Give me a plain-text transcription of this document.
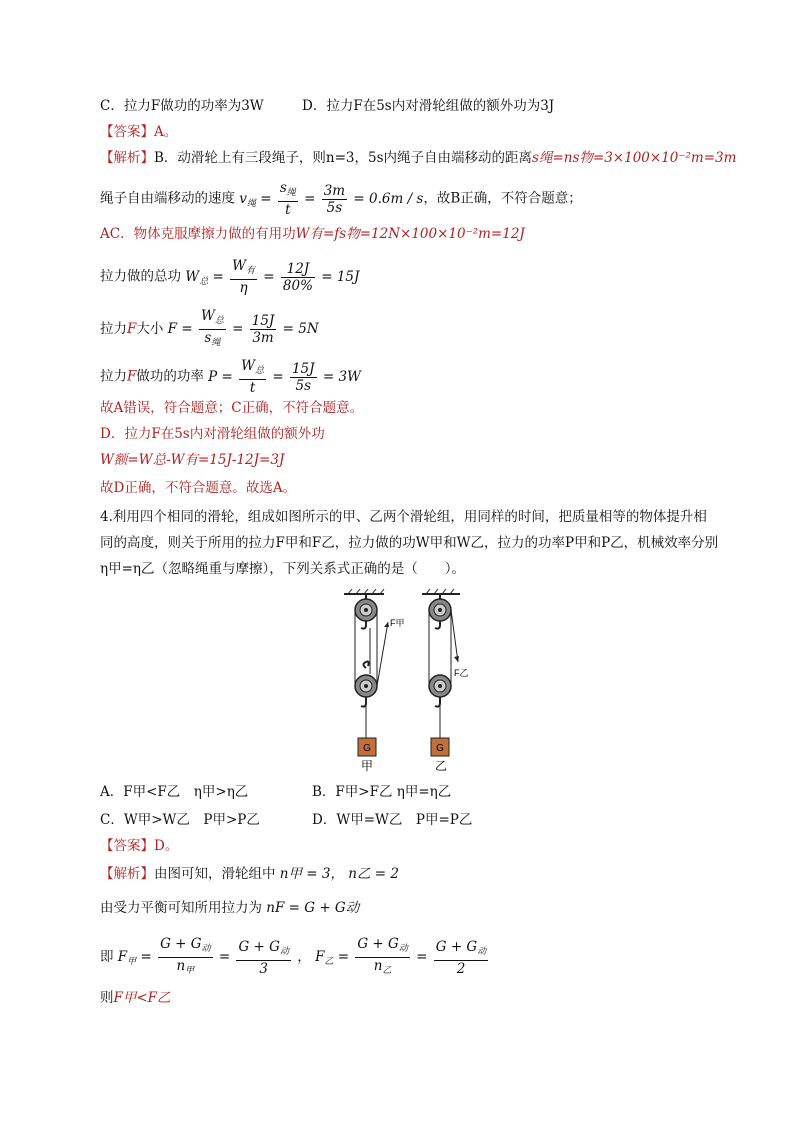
C．拉力F做功的功率为3W	D．拉力F在5s内对滑轮组做的额外功为3J
【答案】A。
【解析】B．动滑轮上有三段绳子，则n=3，5s内绳子自由端移动的距离s绳=ns物=3×100×10⁻²m=3m
绳子自由端移动的速度 $v_绳 = \frac{s_绳}{t} = \frac{3m}{5s} = 0.6m / s$，故B正确，不符合题意；
AC．物体克服摩擦力做的有用功W有=fs物=12N×100×10⁻²m=12J
拉力做的总功 $W_总 = \frac{W_有}{\eta} = \frac{12J}{80\%} = 15J$
拉力F大小 $F = \frac{W_总}{s_绳} = \frac{15J}{3m} = 5N$
拉力F做功的功率 $P = \frac{W_总}{t} = \frac{15J}{5s} = 3W$
故A错误，符合题意；C正确，不符合题意。
D．拉力F在5s内对滑轮组做的额外功
W额=W总-W有=15J-12J=3J
故D正确，不符合题意。故选A。
4.利用四个相同的滑轮，组成如图所示的甲、乙两个滑轮组，用同样的时间，把质量相等的物体提升相同的高度，则关于所用的拉力F甲和F乙，拉力做的功W甲和W乙，拉力的功率P甲和P乙，机械效率分别η甲=η乙（忽略绳重与摩擦），下列关系式正确的是（　　）。
F甲
G
甲
F乙
G
乙
A．F甲<F乙　η甲>η乙	B．F甲>F乙 η甲=η乙
C．W甲>W乙　P甲>P乙	D．W甲=W乙　P甲=P乙
【答案】D。
【解析】由图可知，滑轮组中 n甲 = 3， n乙 = 2
由受力平衡可知所用拉力为 nF = G + G动
即 $F_甲 = \frac{G + G_动}{n_甲} = \frac{G + G_动}{3}$ ， $F_乙 = \frac{G + G_动}{n_乙} = \frac{G + G_动}{2}$
则F甲<F乙
